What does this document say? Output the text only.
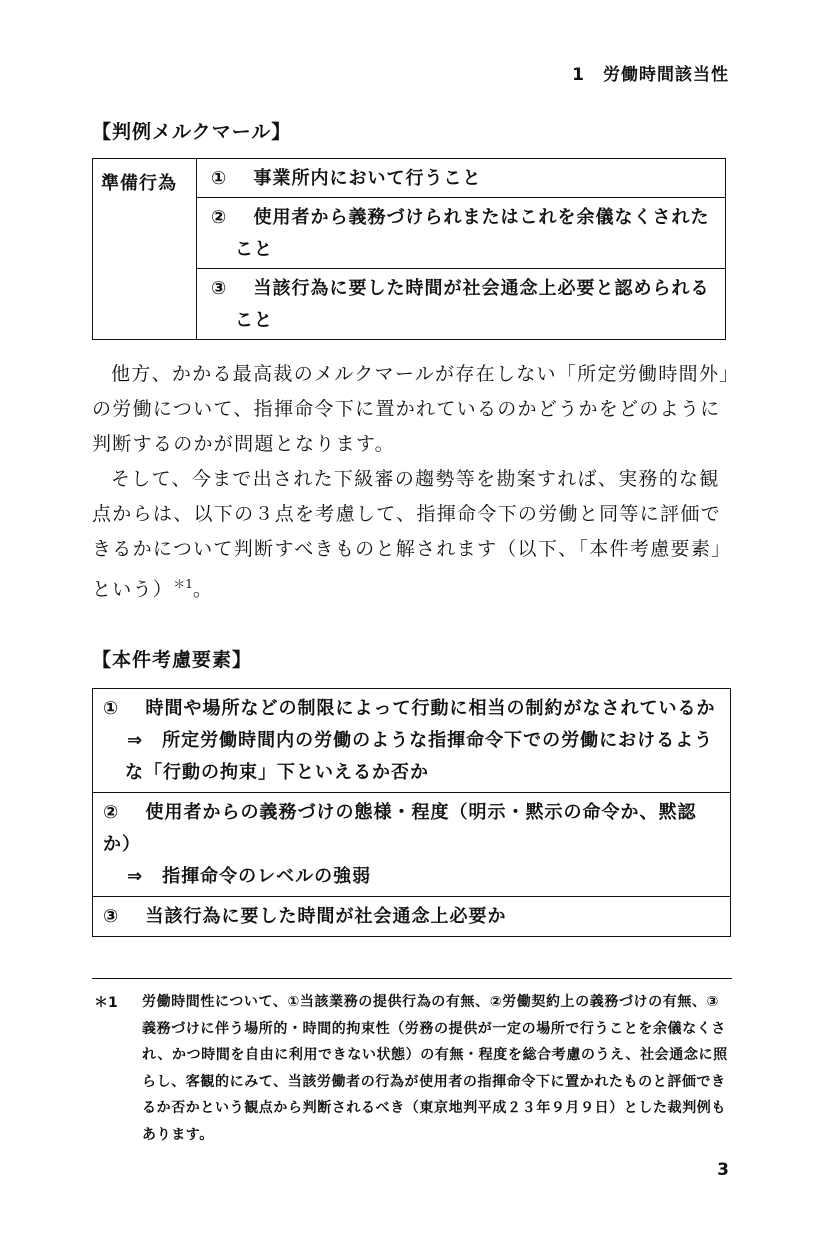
1　労働時間該当性
【判例メルクマール】
準備行為	①　 事業所内において行うこと
②　 使用者から義務づけられまたはこれを余儀なくされた
こと

③　 当該行為に要した時間が社会通念上必要と認められる
こと

他方、かかる最高裁のメルクマールが存在しない「所定労働時間外」の労働について、指揮命令下に置かれているのかどうかをどのように判断するのかが問題となります。

そして、今まで出された下級審の趨勢等を勘案すれば、実務的な観点からは、以下の３点を考慮して、指揮命令下の労働と同等に評価できるかについて判断すべきものと解されます（以下、「本件考慮要素」という）$^{*1}$。

【本件考慮要素】
①　 時間や場所などの制限によって行動に相当の制約がなされているか
⇒　所定労働時間内の労働のような指揮命令下での労働におけるよう
な「行動の拘束」下といえるか否か
②　 使用者からの義務づけの態様・程度（明示・黙示の命令か、黙認か）
⇒　指揮命令のレベルの強弱
③　 当該行為に要した時間が社会通念上必要か
＊1 労働時間性について、①当該業務の提供行為の有無、②労働契約上の義務づけの有無、③義務づけに伴う場所的・時間的拘束性（労務の提供が一定の場所で行うことを余儀なくされ、かつ時間を自由に利用できない状態）の有無・程度を総合考慮のうえ、社会通念に照らし、客観的にみて、当該労働者の行為が使用者の指揮命令下に置かれたものと評価できるか否かという観点から判断されるべき（東京地判平成２３年９月９日）とした裁判例もあります。

3
